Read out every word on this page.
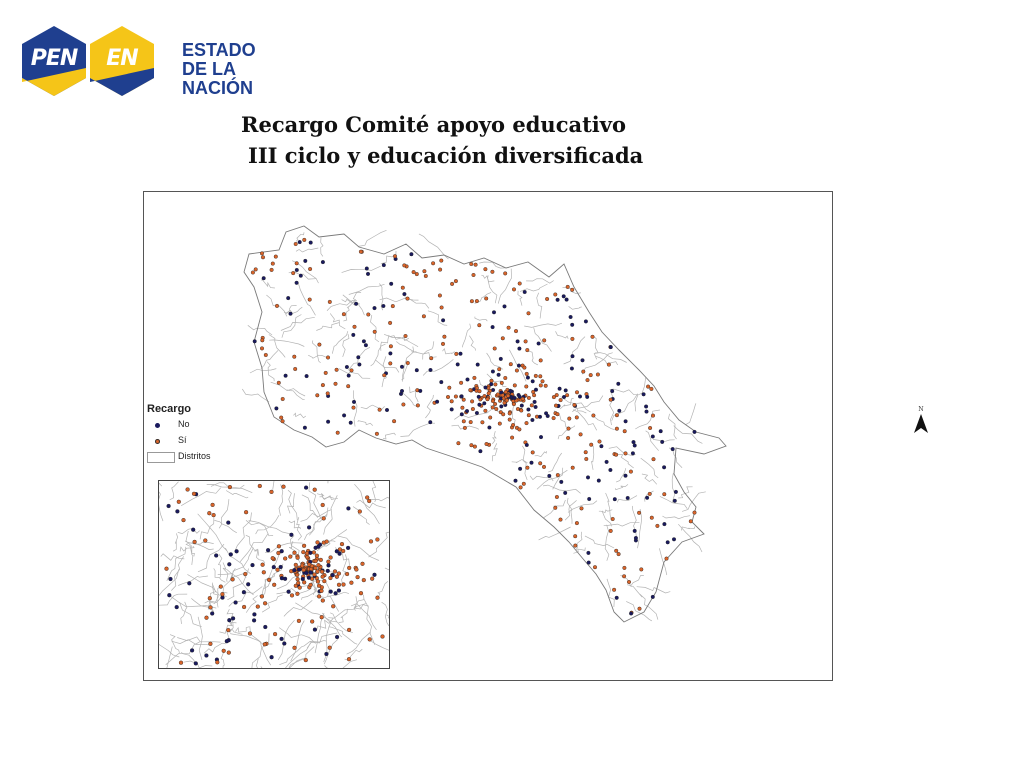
PEN	EN	ESTADO
DE LA NACIÓN
Recargo Comité apoyo educativo
III ciclo y educación diversificada
N
Recargo
No
Sí
Distritos
